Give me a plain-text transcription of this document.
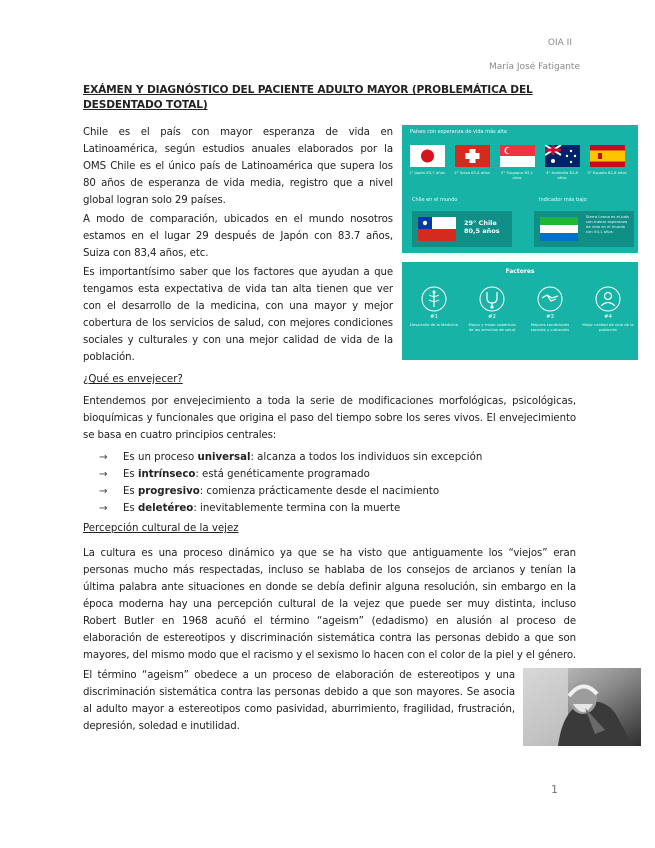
OIA II
María José Fatigante
EXÁMEN Y DIAGNÓSTICO DEL PACIENTE ADULTO MAYOR (PROBLEMÁTICA DEL DESDENTADO TOTAL)
Chile es el país con mayor esperanza de vida en Latinoamérica, según estudios anuales elaborados por la OMS Chile es el único país de Latinoamérica que supera los 80 años de esperanza de vida media, registro que a nivel global logran solo 29 países.
A modo de comparación, ubicados en el mundo nosotros estamos en el lugar 29 después de Japón con 83.7 años, Suiza con 83,4 años, etc.
Es importantísimo saber que los factores que ayudan a que tengamos esta expectativa de vida tan alta tienen que ver con el desarrollo de la medicina, con una mayor y mejor cobertura de los servicios de salud, con mejores condiciones sociales y culturales y con una mejor calidad de vida de la población.
Países con esperanza de vida más alta
1° Japón 83,7 años	2° Suiza 83,4 años	3° Singapur 83,1 años
4° Australia 82,8 años
5° España 82,8 años
Chile en el mundo	Indicador más bajo
29° Chile
80,5 años
Sierra Leona es el país con menor esperanza de vida en el mundo con 50,1 años
Factores
#1
Desarrollo de la Medicina
#2
Mayor y mejor cobertura de los servicios de salud
#3
Mejores condiciones sociales y culturales
#4
Mejor calidad de vida de la población
¿Qué es envejecer?
Entendemos por envejecimiento a toda la serie de modificaciones morfológicas, psicológicas, bioquímicas y funcionales que origina el paso del tiempo sobre los seres vivos. El envejecimiento se basa en cuatro principios centrales:
→ Es un proceso universal: alcanza a todos los individuos sin excepción
→ Es intrínseco: está genéticamente programado
→ Es progresivo: comienza prácticamente desde el nacimiento
→ Es deletéreo: inevitablemente termina con la muerte
Percepción cultural de la vejez
La cultura es una proceso dinámico ya que se ha visto que antiguamente los “viejos” eran personas mucho más respectadas, incluso se hablaba de los consejos de arcianos y tenían la última palabra ante situaciones en donde se debía definir alguna resolución, sin embargo en la época moderna hay una percepción cultural de la vejez que puede ser muy distinta, incluso Robert Butler en 1968 acuñó el término “ageism” (edadismo) en alusión al proceso de elaboración de estereotipos y discriminación sistemática contra las personas debido a que son mayores, del mismo modo que el racismo y el sexismo lo hacen con el color de la piel y el género.
El término “ageism” obedece a un proceso de elaboración de estereotipos y una discriminación sistemática contra las personas debido a que son mayores. Se asocia al adulto mayor a estereotipos como pasividad, aburrimiento, fragilidad, frustración, depresión, soledad e inutilidad.
1
